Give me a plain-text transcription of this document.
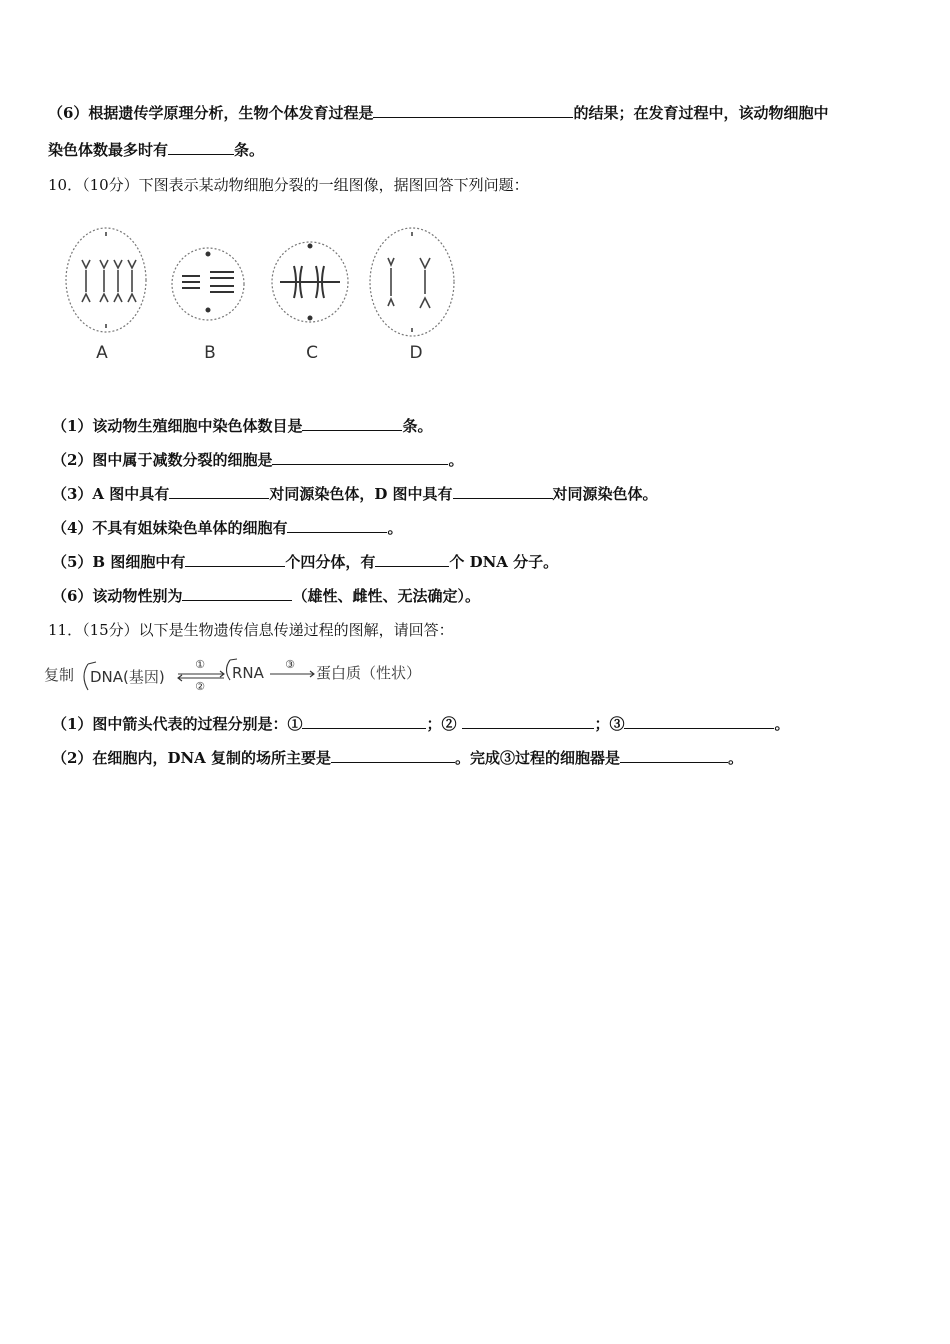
（6）根据遗传学原理分析，生物个体发育过程是	的结果；在发育过程中，该动物细胞中
染色体数最多时有	条。
10．（10分）下图表示某动物细胞分裂的一组图像，据图回答下列问题：
A	B	C	D
（1）该动物生殖细胞中染色体数目是	条。
（2）图中属于减数分裂的细胞是	。
（3）A 图中具有	对同源染色体，D 图中具有	对同源染色体。
（4）不具有姐妹染色单体的细胞有	。
（5）B 图细胞中有	个四分体，有	个 DNA 分子。
（6）该动物性别为	（雄性、雌性、无法确定）。
11．（15分）以下是生物遗传信息传递过程的图解，请回答：
复制 DNA(基因)	RNA	蛋白质（性状）
①
②
③
（1）图中箭头代表的过程分别是：①	；②	；③	。
（2）在细胞内，DNA 复制的场所主要是	。完成③过程的细胞器是	。
